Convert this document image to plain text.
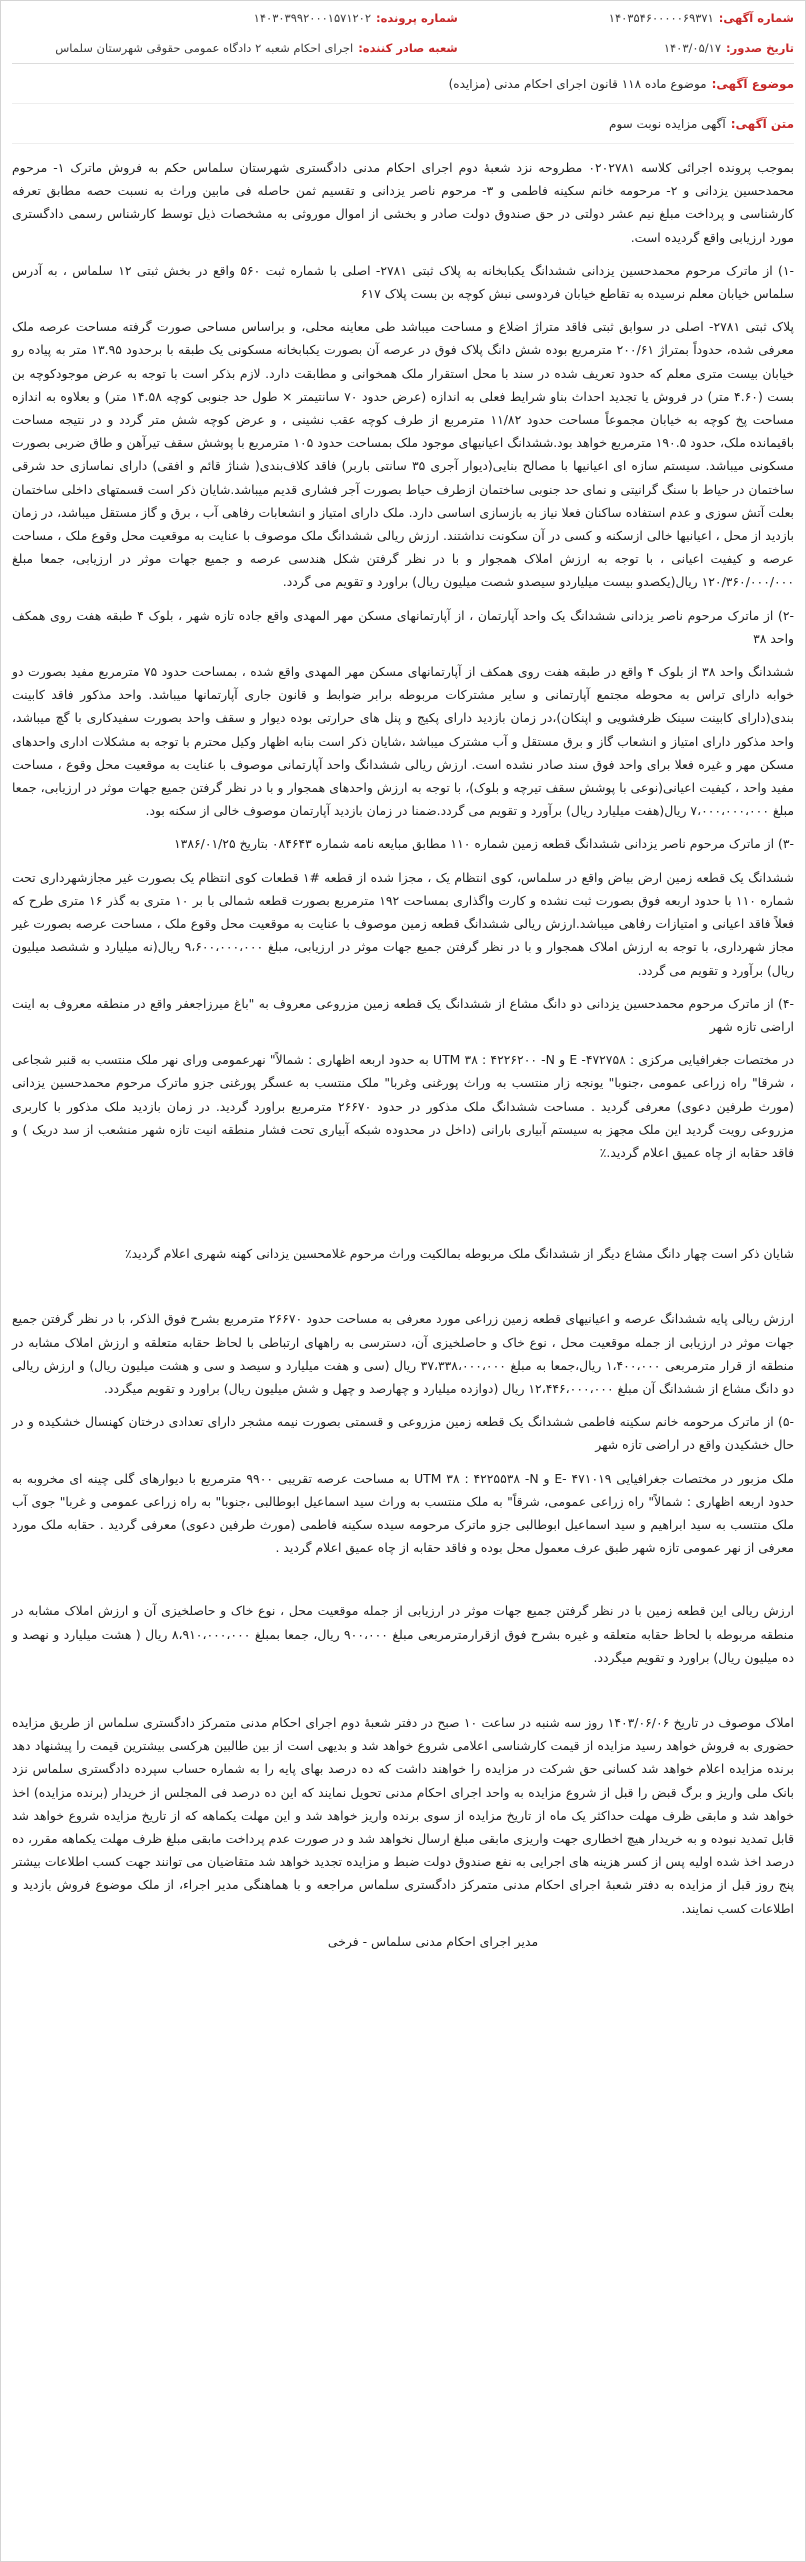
شماره آگهی:۱۴۰۳۵۴۶۰۰۰۰۰۶۹۳۷۱
شماره پرونده:۱۴۰۳۰۳۹۹۲۰۰۰۱۵۷۱۲۰۲
تاریخ صدور:۱۴۰۳/۰۵/۱۷
شعبه صادر کننده:اجرای احکام شعبه ۲ دادگاه عمومی حقوقی شهرستان سلماس
موضوع آگهی:
موضوع ماده ۱۱۸ قانون اجرای احکام مدنی (مزایده)
متن آگهی:
آگهی مزایده نوبت سوم

بموجب پرونده‌ اجرائی کلاسه ۰۲۰۲۷۸۱ مطروحه نزد شعبهٔ دوم اجرای احکام مدنی دادگستری شهرستان سلماس حکم به فروش ماترک ۱- مرحوم محمدحسین یزدانی و ۲- مرحومه خانم سکینه فاطمی و ۳- مرحوم ناصر یزدانی و تقسیم ثمن حاصله فی مابین وراث به نسبت حصه مطابق تعرفه کارشناسی و پرداخت مبلغ نیم عشر دولتی در حق صندوق دولت صادر و بخشی از اموال موروثی به مشخصات ذیل توسط کارشناس رسمی دادگستری مورد ارزیابی واقع گردیده است.

-۱) از ماترک مرحوم محمدحسین یزدانی ششدانگ یکبابخانه به پلاک ثبتی ۲۷۸۱- اصلی با شماره ثبت ۵۶۰ واقع در بخش ثبتی ۱۲ سلماس ، به آدرس سلماس خیابان معلم نرسیده به تقاطع خیابان فردوسی نبش کوچه بن بست پلاک ۶۱۷

پلاک ثبتی ۲۷۸۱- اصلی در سوابق ثبتی فاقد متراژ اضلاع و مساحت میباشد طی معاینه محلی، و براساس مساحی صورت گرفته مساحت عرصه ملک معرفی شده، حدوداً بمتراژ ۲۰۰/۶۱ مترمربع بوده شش دانگ پلاک فوق در عرصه آن بصورت یکبابخانه مسکونی یک طبقه با برحدود ۱۳.۹۵ متر به پیاده رو خیابان بیست متری معلم که حدود تعریف شده در سند با محل استقرار ملک همخوانی و مطابقت دارد. لازم بذکر است با توجه به عرض موجودکوچه بن بست (۴.۶۰ متر) در فروش یا تجدید احداث بناو شرایط فعلی به اندازه (عرض حدود ۷۰ سانتیمتر × طول حد جنوبی کوچه ۱۴.۵۸ متر) و بعلاوه به اندازه مساحت پخ کوچه به خیابان مجموعاً مساحت حدود ۱۱/۸۲ مترمربع از طرف کوچه عقب نشینی ، و عرض کوچه شش متر گردد و در نتیجه مساحت باقیمانده ملک، حدود ۱۹۰.۵ مترمربع خواهد بود.ششدانگ اعیانیهای موجود ملک بمساحت حدود ۱۰۵ مترمربع با پوشش سقف تیرآهن و طاق ضربی بصورت مسکونی میباشد. سیستم سازه ای اعیانیها با مصالح بنایی(دیوار آجری ۳۵ سانتی باربر) فاقد کلاف‌بندی( شناژ قائم و افقی) دارای نماسازی حد شرقی ساختمان در حیاط با سنگ گرانیتی و نمای حد جنوبی ساختمان ازطرف حیاط بصورت آجر فشاری قدیم میباشد.شایان ذکر است قسمتهای داخلی ساختمان بعلت آتش سوزی و عدم استفاده ساکنان فعلا نیاز به بازسازی اساسی دارد. ملک دارای امتیاز و انشعابات رفاهی آب ، برق و گاز مستقل میباشد، در زمان بازدید از محل ، اعیانیها خالی ازسکنه و کسی در آن سکونت نداشتند. ارزش ریالی ششدانگ ملک موصوف با عنایت به موقعیت محل وقوع ملک ، مساحت عرصه و کیفیت اعیانی ، با توجه به ارزش املاک همجوار و با در نظر گرفتن شکل هندسی عرصه و جمیع جهات موثر در ارزیابی، جمعا مبلغ ۱۲۰/۳۶۰/۰۰۰/۰۰۰ ریال(یکصدو بیست میلیاردو سیصدو شصت میلیون ریال) براورد و تقویم می گردد.

-۲) از ماترک مرحوم ناصر یزدانی ششدانگ یک واحد آپارتمان ، از آپارتمانهای مسکن مهر المهدی واقع جاده تازه شهر ، بلوک ۴ طبقه هفت روی همکف واحد ۳۸

ششدانگ واحد ۳۸ از بلوک ۴ واقع در طبقه هفت روی همکف از آپارتمانهای مسکن مهر المهدی واقع شده ، بمساحت حدود ۷۵ مترمربع مفید بصورت دو خوابه دارای تراس به محوطه مجتمع آپارتمانی و سایر مشترکات مربوطه برابر ضوابط و قانون جاری آپارتمانها میباشد. واحد مذکور فاقد کابینت بندی(دارای کابینت سینک ظرفشویی و اپنکان)،در زمان بازدید دارای پکیج و پنل های حرارتی بوده دیوار و سقف واحد بصورت سفیدکاری با گچ میباشد، واحد مذکور دارای امتیاز و انشعاب گاز و برق مستقل و آب مشترک میباشد ،شایان ذکر است بنابه اظهار وکیل محترم با توجه به مشکلات اداری واحدهای مسکن مهر و غیره فعلا برای واحد فوق سند صادر نشده است. ارزش ریالی ششدانگ واحد آپارتمانی موصوف با عنایت به موقعیت محل وقوع ، مساحت مفید واحد ، کیفیت اعیانی(نوعی با پوشش سقف تیرچه و بلوک)، با توجه به ارزش واحدهای همجوار و با در نظر گرفتن جمیع جهات موثر در ارزیابی، جمعا مبلغ ۷،۰۰۰،۰۰۰،۰۰۰ ریال(هفت میلیارد ریال) برآورد و تقویم می گردد.ضمنا در زمان بازدید آپارتمان موصوف خالی از سکنه بود.

-۳) از ماترک مرحوم ناصر یزدانی ششدانگ قطعه زمین شماره ۱۱۰ مطابق مبایعه نامه شماره ۰۸۴۶۴۳ بتاریخ ۱۳۸۶/۰۱/۲۵

ششدانگ یک قطعه زمین ارض بیاض واقع در سلماس، کوی انتظام یک ، مجزا شده از قطعه #۱ قطعات کوی انتظام یک بصورت غیر مجازشهرداری تحت شماره ۱۱۰ با حدود اربعه فوق بصورت ثبت نشده و کارت واگذاری بمساحت ۱۹۲ مترمربع بصورت قطعه شمالی با بر ۱۰ متری به گذر ۱۶ متری طرح که فعلاً فاقد اعیانی و امتیازات رفاهی میباشد.ارزش ریالی ششدانگ قطعه زمین موصوف با عنایت به موقعیت محل وقوع ملک ، مساحت عرصه بصورت غیر مجاز شهرداری، با توجه به ارزش املاک همجوار و با در نظر گرفتن جمیع جهات موثر در ارزیابی، مبلغ ۹،۶۰۰،۰۰۰،۰۰۰ ریال(نه میلیارد و ششصد میلیون ریال) برآورد و تقویم می گردد.

-۴) از ماترک مرحوم محمدحسین یزدانی دو دانگ مشاع از ششدانگ یک قطعه زمین مزروعی معروف به "باغ میرزاجعفر واقع در منطقه معروف به اینت اراضی تازه شهر

در مختصات جغرافیایی مرکزی : ۴۷۲۷۵۸- E و UTM ۳۸ : ۴۲۲۶۲۰۰ -N به حدود اربعه اظهاری : شمالاً" نهرعمومی ورای نهر ملک منتسب به قنبر شجاعی ، شرقا" راه زراعی عمومی ،جنوبا" یونجه زار منتسب به وراث پورغنی وغربا" ملک منتسب به عسگر پورغنی جزو ماترک مرحوم محمدحسین یزدانی (مورث طرفین دعوی) معرفی گردید . مساحت ششدانگ ملک مذکور در حدود ۲۶۶۷۰ مترمربع براورد گردید. در زمان بازدید ملک مذکور با کاربری مزروعی رویت گردید این ملک مجهز به سیستم آبیاری بارانی (داخل در محدوده شبکه آبیاری تحت فشار منطقه انیت تازه شهر منشعب از سد دریک ) و فاقد حقابه از چاه عمیق اعلام گردید.٪

شایان ذکر است چهار دانگ مشاع دیگر از ششدانگ ملک مربوطه بمالکیت وراث مرحوم غلامحسین یزدانی کهنه شهری اعلام گردید٪

ارزش ریالی پایه ششدانگ عرصه و اعیانیهای قطعه زمین زراعی مورد معرفی به مساحت حدود ۲۶۶۷۰ مترمربع بشرح فوق الذکر، با در نظر گرفتن جمیع جهات موثر در ارزیابی از جمله موقعیت محل ، نوع خاک و حاصلخیزی آن، دسترسی به راههای ارتباطی با لحاظ حقابه متعلقه و ارزش املاک مشابه در منطقه از قرار مترمربعی ۱،۴۰۰،۰۰۰ ریال،جمعا به مبلغ ۳۷،۳۳۸،۰۰۰،۰۰۰ ریال (سی و هفت میلیارد و سیصد و سی و هشت میلیون ریال) و ارزش ریالی دو دانگ مشاع از ششدانگ آن مبلغ ۱۲،۴۴۶،۰۰۰،۰۰۰ ریال (دوازده میلیارد و چهارصد و چهل و شش میلیون ریال) براورد و تقویم میگردد.

-۵) از ماترک مرحومه خانم سکینه فاطمی ششدانگ یک قطعه زمین مزروعی و قسمتی بصورت نیمه مشجر دارای تعدادی درختان کهنسال خشکیده و در حال خشکیدن واقع در اراضی تازه شهر

ملک مزبور در مختصات جغرافیایی ۴۷۱۰۱۹ -E و UTM ۳۸ : ۴۲۲۵۵۳۸ -N به مساحت عرصه تقریبی ۹۹۰۰ مترمربع با دیوارهای گلی چینه ای مخروبه به حدود اربعه اظهاری : شمالاً" راه زراعی عمومی، شرقاً" به ملک منتسب به وراث سید اسماعیل ابوطالبی ،جنوبا" به راه زراعی عمومی و غربا" جوی آب ملک منتسب به سید ابراهیم و سید اسماعیل ابوطالبی جزو ماترک مرحومه سیده سکینه فاطمی (مورث طرفین دعوی) معرفی گردید . حقابه ملک مورد معرفی از نهر عمومی تازه شهر طبق عرف معمول محل بوده و فاقد حقابه از چاه عمیق اعلام گردید .

ارزش ریالی این قطعه زمین با در نظر گرفتن جمیع جهات موثر در ارزیابی از جمله موقعیت محل ، نوع خاک و حاصلخیزی آن و ارزش املاک مشابه در منطقه مربوطه با لحاظ حقابه متعلقه و غیره بشرح فوق ازقرارمترمربعی مبلغ ۹۰۰،۰۰۰ ریال، جمعا بمبلغ ۸،۹۱۰،۰۰۰،۰۰۰ ریال ( هشت میلیارد و نهصد و ده میلیون ریال) براورد و تقویم میگردد.

املاک موصوف در تاریخ ۱۴۰۳/۰۶/۰۶ روز سه شنبه در ساعت ۱۰ صبح در دفتر شعبهٔ دوم اجرای احکام مدنی متمرکز دادگستری سلماس از طریق مزایده حضوری به فروش خواهد رسید مزایده از قیمت کارشناسی اعلامی شروع خواهد شد و بدیهی است از بین طالبین هرکسی بیشترین قیمت را پیشنهاد دهد برنده مزایده اعلام خواهد شد کسانی حق شرکت در مزایده را خواهند داشت که ده درصد بهای پایه را به شماره حساب سپرده دادگستری سلماس نزد بانک ملی واریز و برگ قبض را قبل از شروع مزایده به واحد اجرای احکام مدنی تحویل نمایند که این ده درصد فی المجلس از خریدار (برنده مزایده) اخذ خواهد شد و مابقی ظرف مهلت حداکثر یک ماه از تاریخ مزایده از سوی برنده واریز خواهد شد و این مهلت یکماهه که از تاریخ مزایده شروع خواهد شد قابل تمدید نبوده و به خریدار هیچ اخطاری جهت واریزی مابقی مبلغ ارسال نخواهد شد و در صورت عدم پرداخت مابقی مبلغ ظرف مهلت یکماهه مقرر، ده درصد اخذ شده اولیه پس از کسر هزینه های اجرایی به نفع صندوق دولت ضبط و مزایده تجدید خواهد شد متقاضیان می توانند جهت کسب اطلاعات بیشتر پنج روز قبل از مزایده به دفتر شعبهٔ اجرای احکام مدنی متمرکز دادگستری سلماس مراجعه و با هماهنگی مدیر اجراء، از ملک موضوع فروش بازدید و اطلاعات کسب نمایند.

مدیر اجرای احکام مدنی سلماس - فرخی
